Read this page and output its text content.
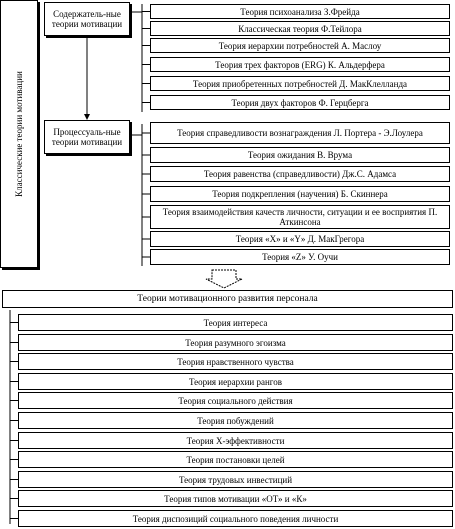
Классические теории мотивации
Содержатель-ные теории мотивации
Процессуаль-ные теории мотивации
Теория психоанализа З.Фрейда
Классическая теория Ф.Тейлора
Теория иерархии потребностей А. Маслоу
Теория трех факторов (ERG) К. Альдерфера
Теория приобретенных потребностей Д. МакКлелланда
Теория двух факторов Ф. Герцберга
Теория справедливости вознаграждения Л. Портера - Э.Лоулера
Теория ожидания В. Врума
Теория равенства (справедливости) Дж.С. Адамса
Теория подкрепления (научения) Б. Скиннера
Теория взаимодействия качеств личности, ситуации и ее восприятия П. Аткинсона
Теория «X» и «Y» Д. МакГрегора
Теория «Z» У. Оучи
Теории мотивационного развития персонала
Теория интереса
Теория разумного эгоизма
Теория нравственного чувства
Теория иерархии рангов
Теория социального действия
Теория побуждений
Теория Х-эффективности
Теория постановки целей
Теория трудовых инвестиций
Теория типов мотивации «ОТ» и «К»
Теория диспозиций социального поведения личности
